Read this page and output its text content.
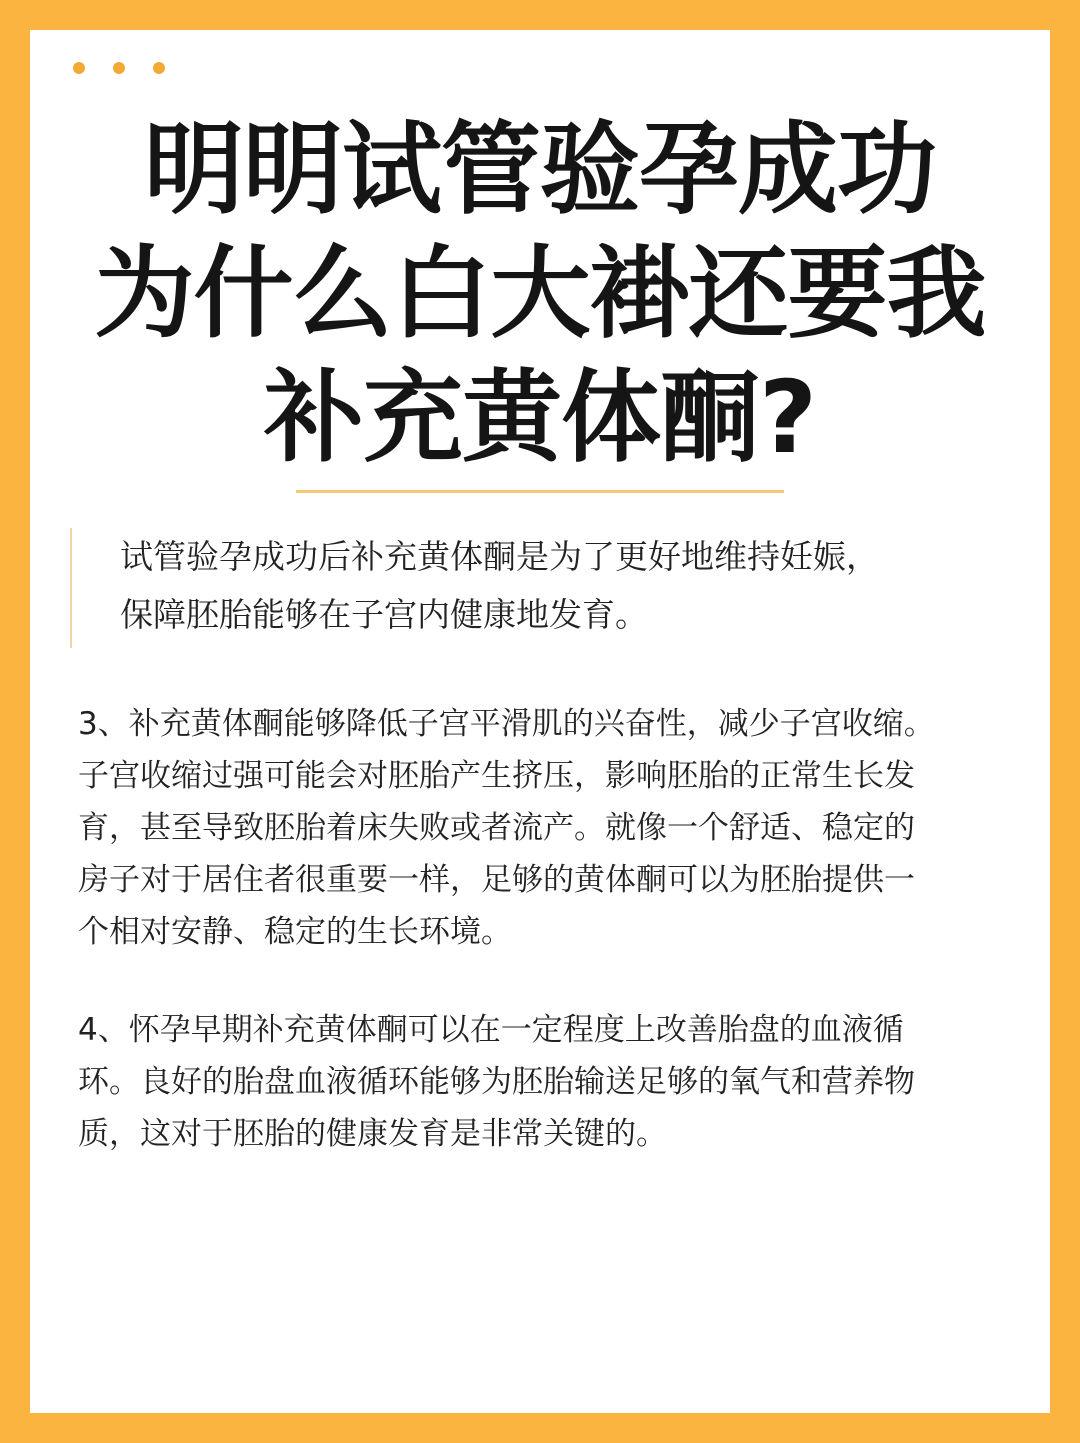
明明试管验孕成功
为什么白大褂还要我
补充黄体酮?
试管验孕成功后补充黄体酮是为了更好地维持妊娠，
保障胚胎能够在子宫内健康地发育。

3、补充黄体酮能够降低子宫平滑肌的兴奋性，减少子宫收缩。
子宫收缩过强可能会对胚胎产生挤压，影响胚胎的正常生长发
育，甚至导致胚胎着床失败或者流产。就像一个舒适、稳定的
房子对于居住者很重要一样，足够的黄体酮可以为胚胎提供一
个相对安静、稳定的生长环境。

4、怀孕早期补充黄体酮可以在一定程度上改善胎盘的血液循
环。良好的胎盘血液循环能够为胚胎输送足够的氧气和营养物
质，这对于胚胎的健康发育是非常关键的。
